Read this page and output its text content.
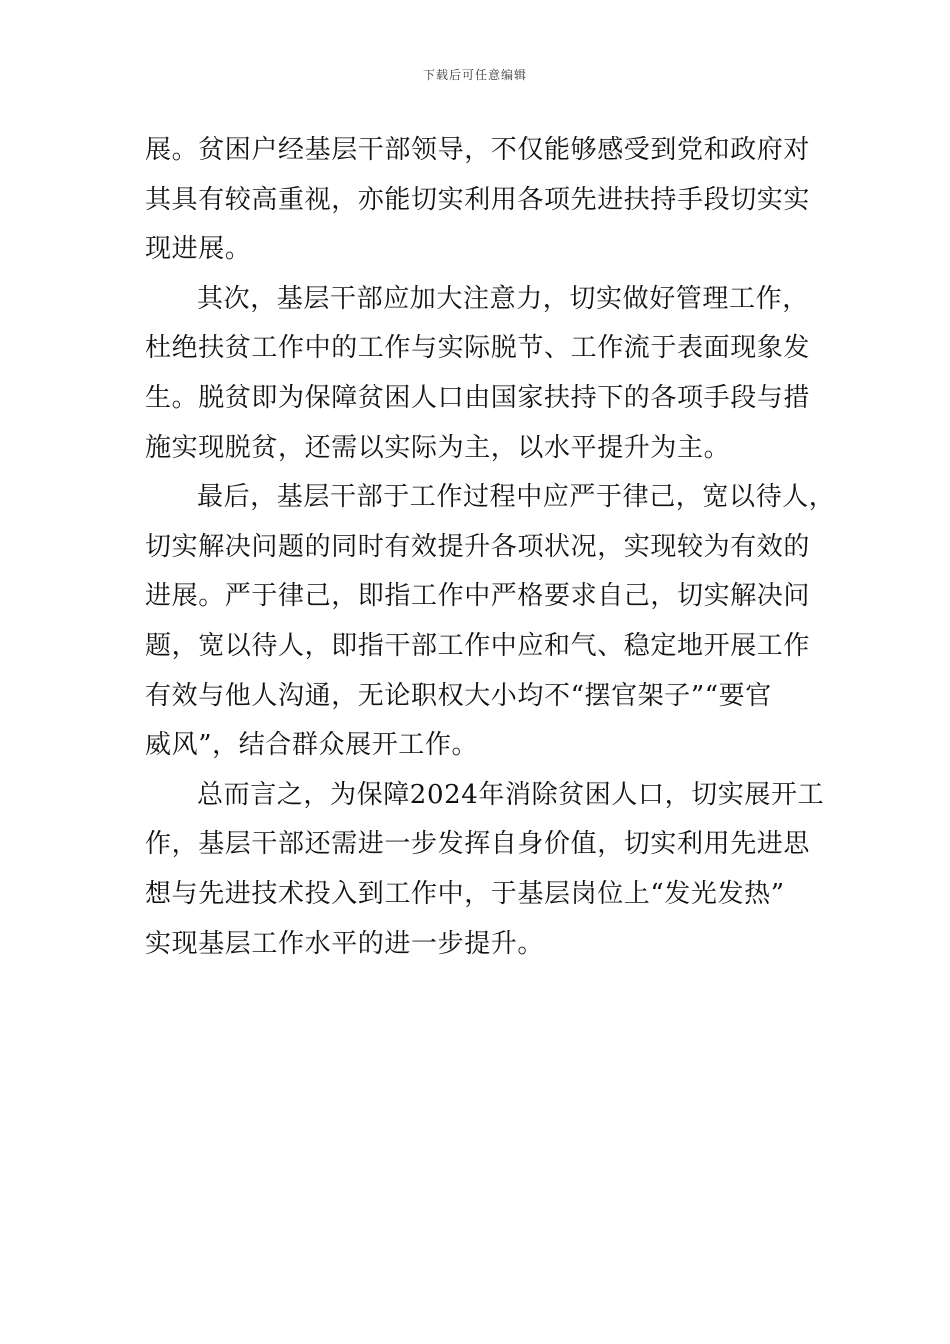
下载后可任意编辑
展。贫困户经基层干部领导，不仅能够感受到党和政府对
其具有较高重视，亦能切实利用各项先进扶持手段切实实
现进展。
其次，基层干部应加大注意力，切实做好管理工作，
杜绝扶贫工作中的工作与实际脱节、工作流于表面现象发
生。脱贫即为保障贫困人口由国家扶持下的各项手段与措
施实现脱贫，还需以实际为主，以水平提升为主。
最后，基层干部于工作过程中应严于律己，宽以待人，
切实解决问题的同时有效提升各项状况，实现较为有效的
进展。严于律己，即指工作中严格要求自己，切实解决问
题，宽以待人，即指干部工作中应和气、稳定地开展工作
有效与他人沟通，无论职权大小均不“摆官架子”“要官
威风”，结合群众展开工作。
总而言之，为保障2024年消除贫困人口，切实展开工
作，基层干部还需进一步发挥自身价值，切实利用先进思
想与先进技术投入到工作中，于基层岗位上“发光发热”
实现基层工作水平的进一步提升。
